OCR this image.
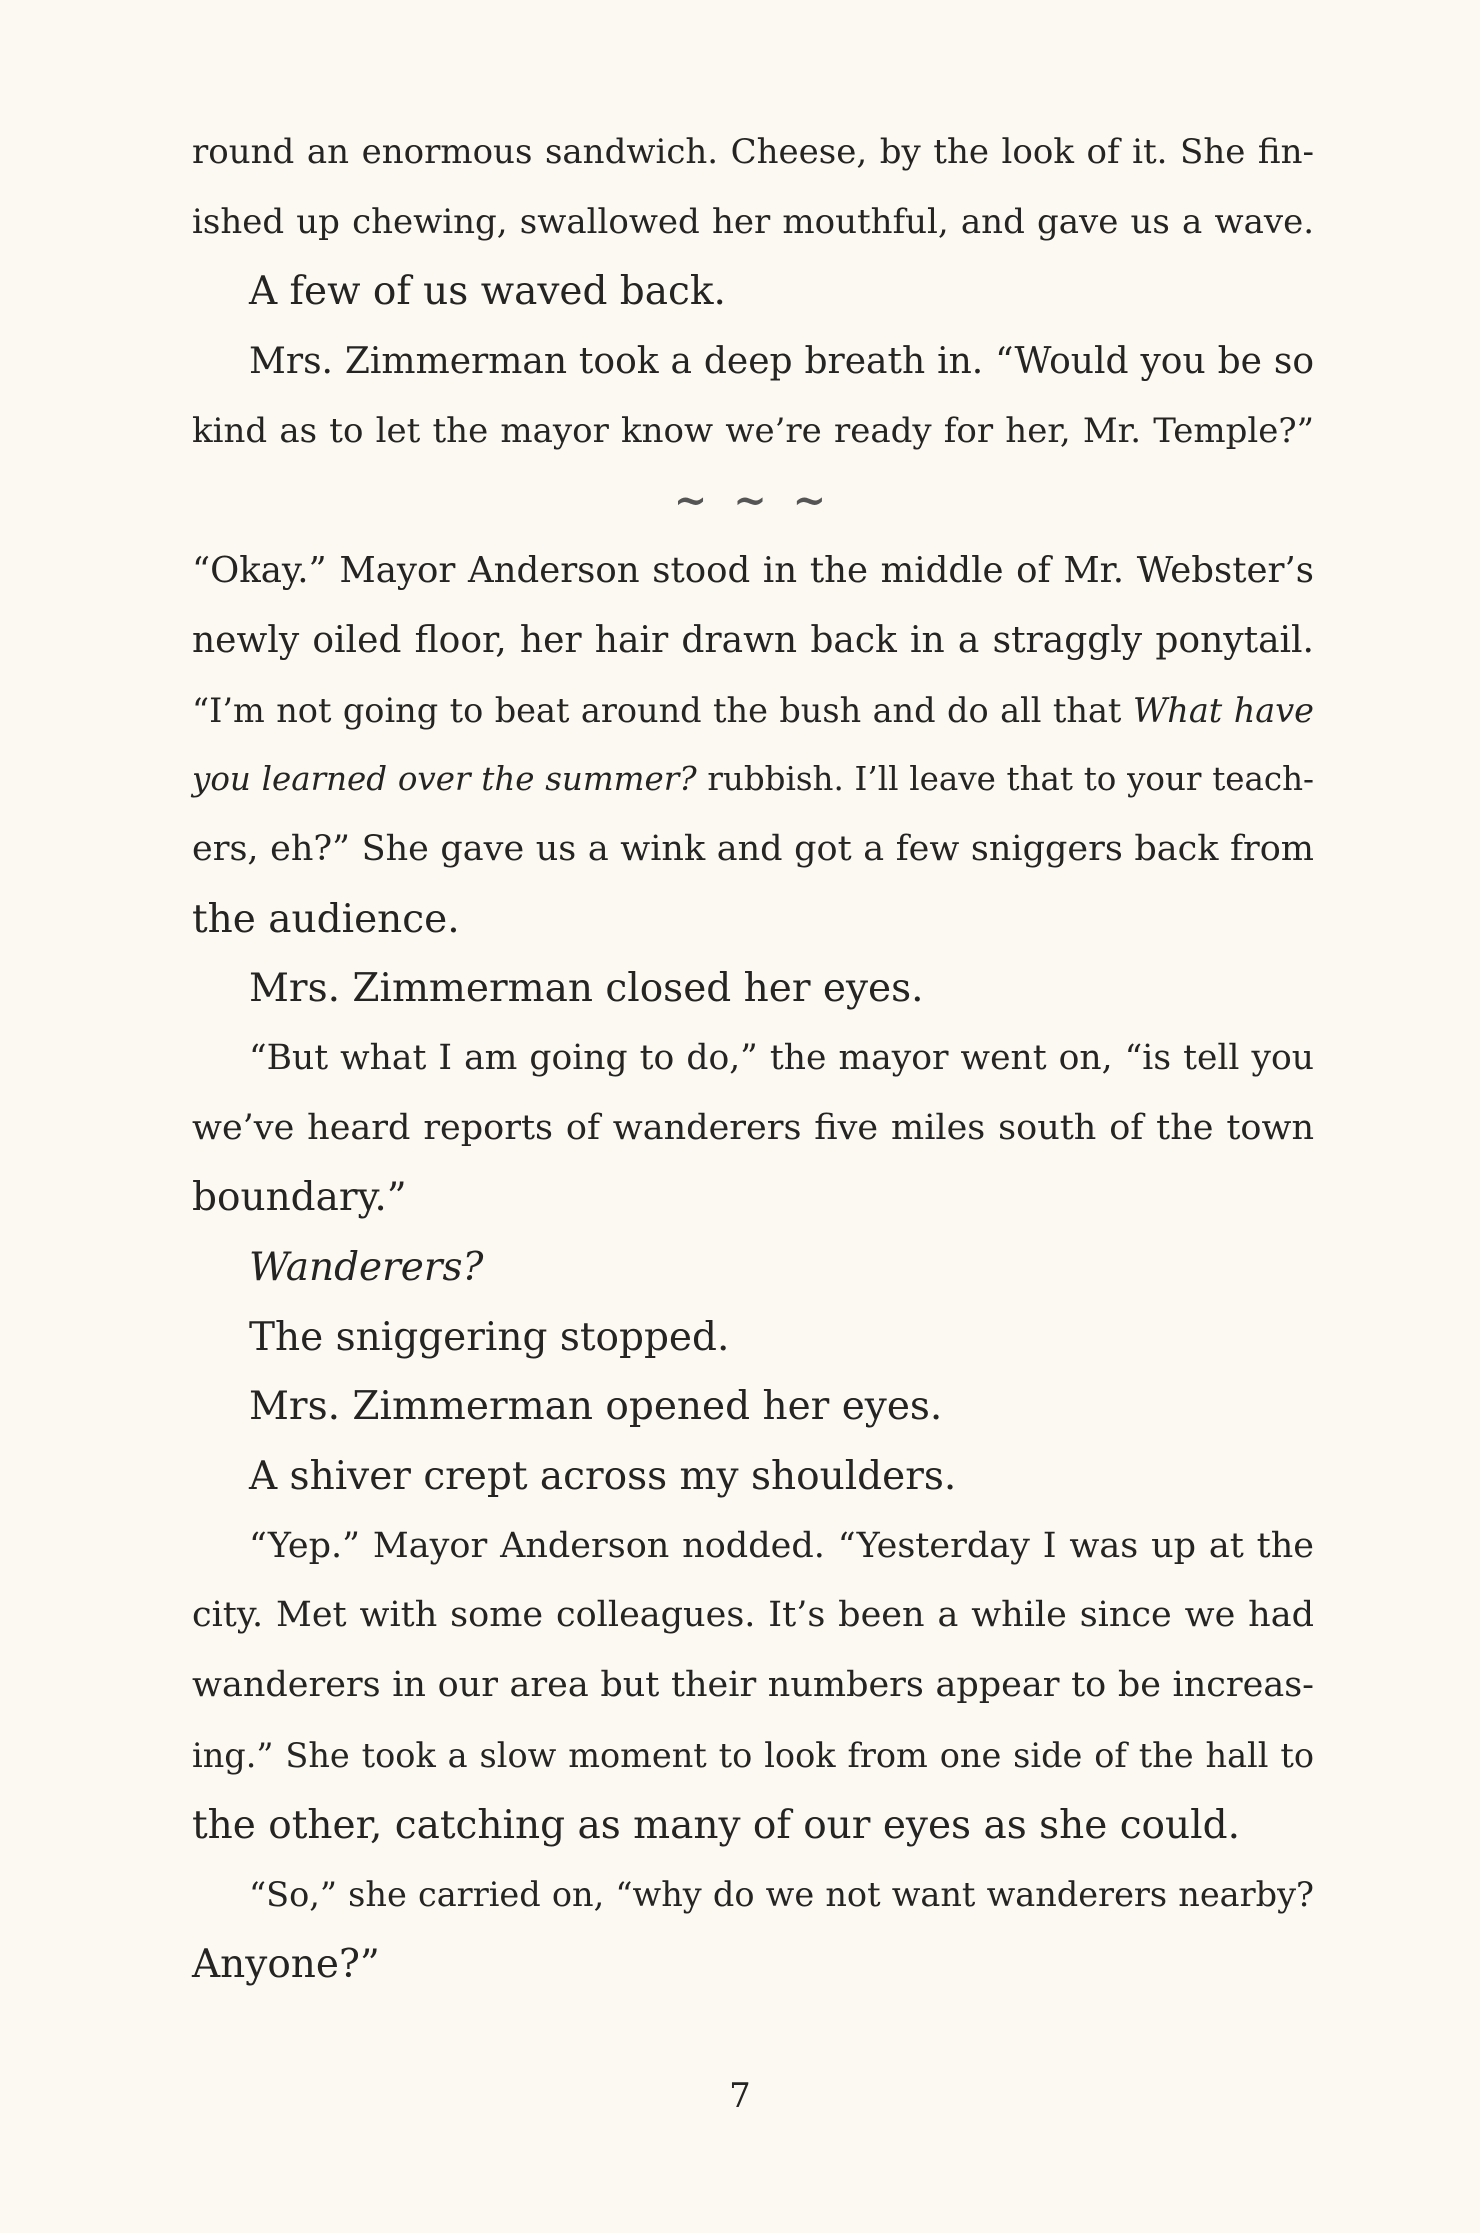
round an enormous sandwich. Cheese, by the look of it. She fin-
ished up chewing, swallowed her mouthful, and gave us a wave.
A few of us waved back.
Mrs. Zimmerman took a deep breath in. “Would you be so
kind as to let the mayor know we’re ready for her, Mr. Temple?”
~ ~ ~
“Okay.” Mayor Anderson stood in the middle of Mr. Webster’s
newly oiled floor, her hair drawn back in a straggly ponytail.
“I’m not going to beat around the bush and do all that What have
you learned over the summer? rubbish. I’ll leave that to your teach-
ers, eh?” She gave us a wink and got a few sniggers back from
the audience.
Mrs. Zimmerman closed her eyes.
“But what I am going to do,” the mayor went on, “is tell you
we’ve heard reports of wanderers five miles south of the town
boundary.”
Wanderers?
The sniggering stopped.
Mrs. Zimmerman opened her eyes.
A shiver crept across my shoulders.
“Yep.” Mayor Anderson nodded. “Yesterday I was up at the
city. Met with some colleagues. It’s been a while since we had
wanderers in our area but their numbers appear to be increas-
ing.” She took a slow moment to look from one side of the hall to
the other, catching as many of our eyes as she could.
“So,” she carried on, “why do we not want wanderers nearby?
Anyone?”
7
